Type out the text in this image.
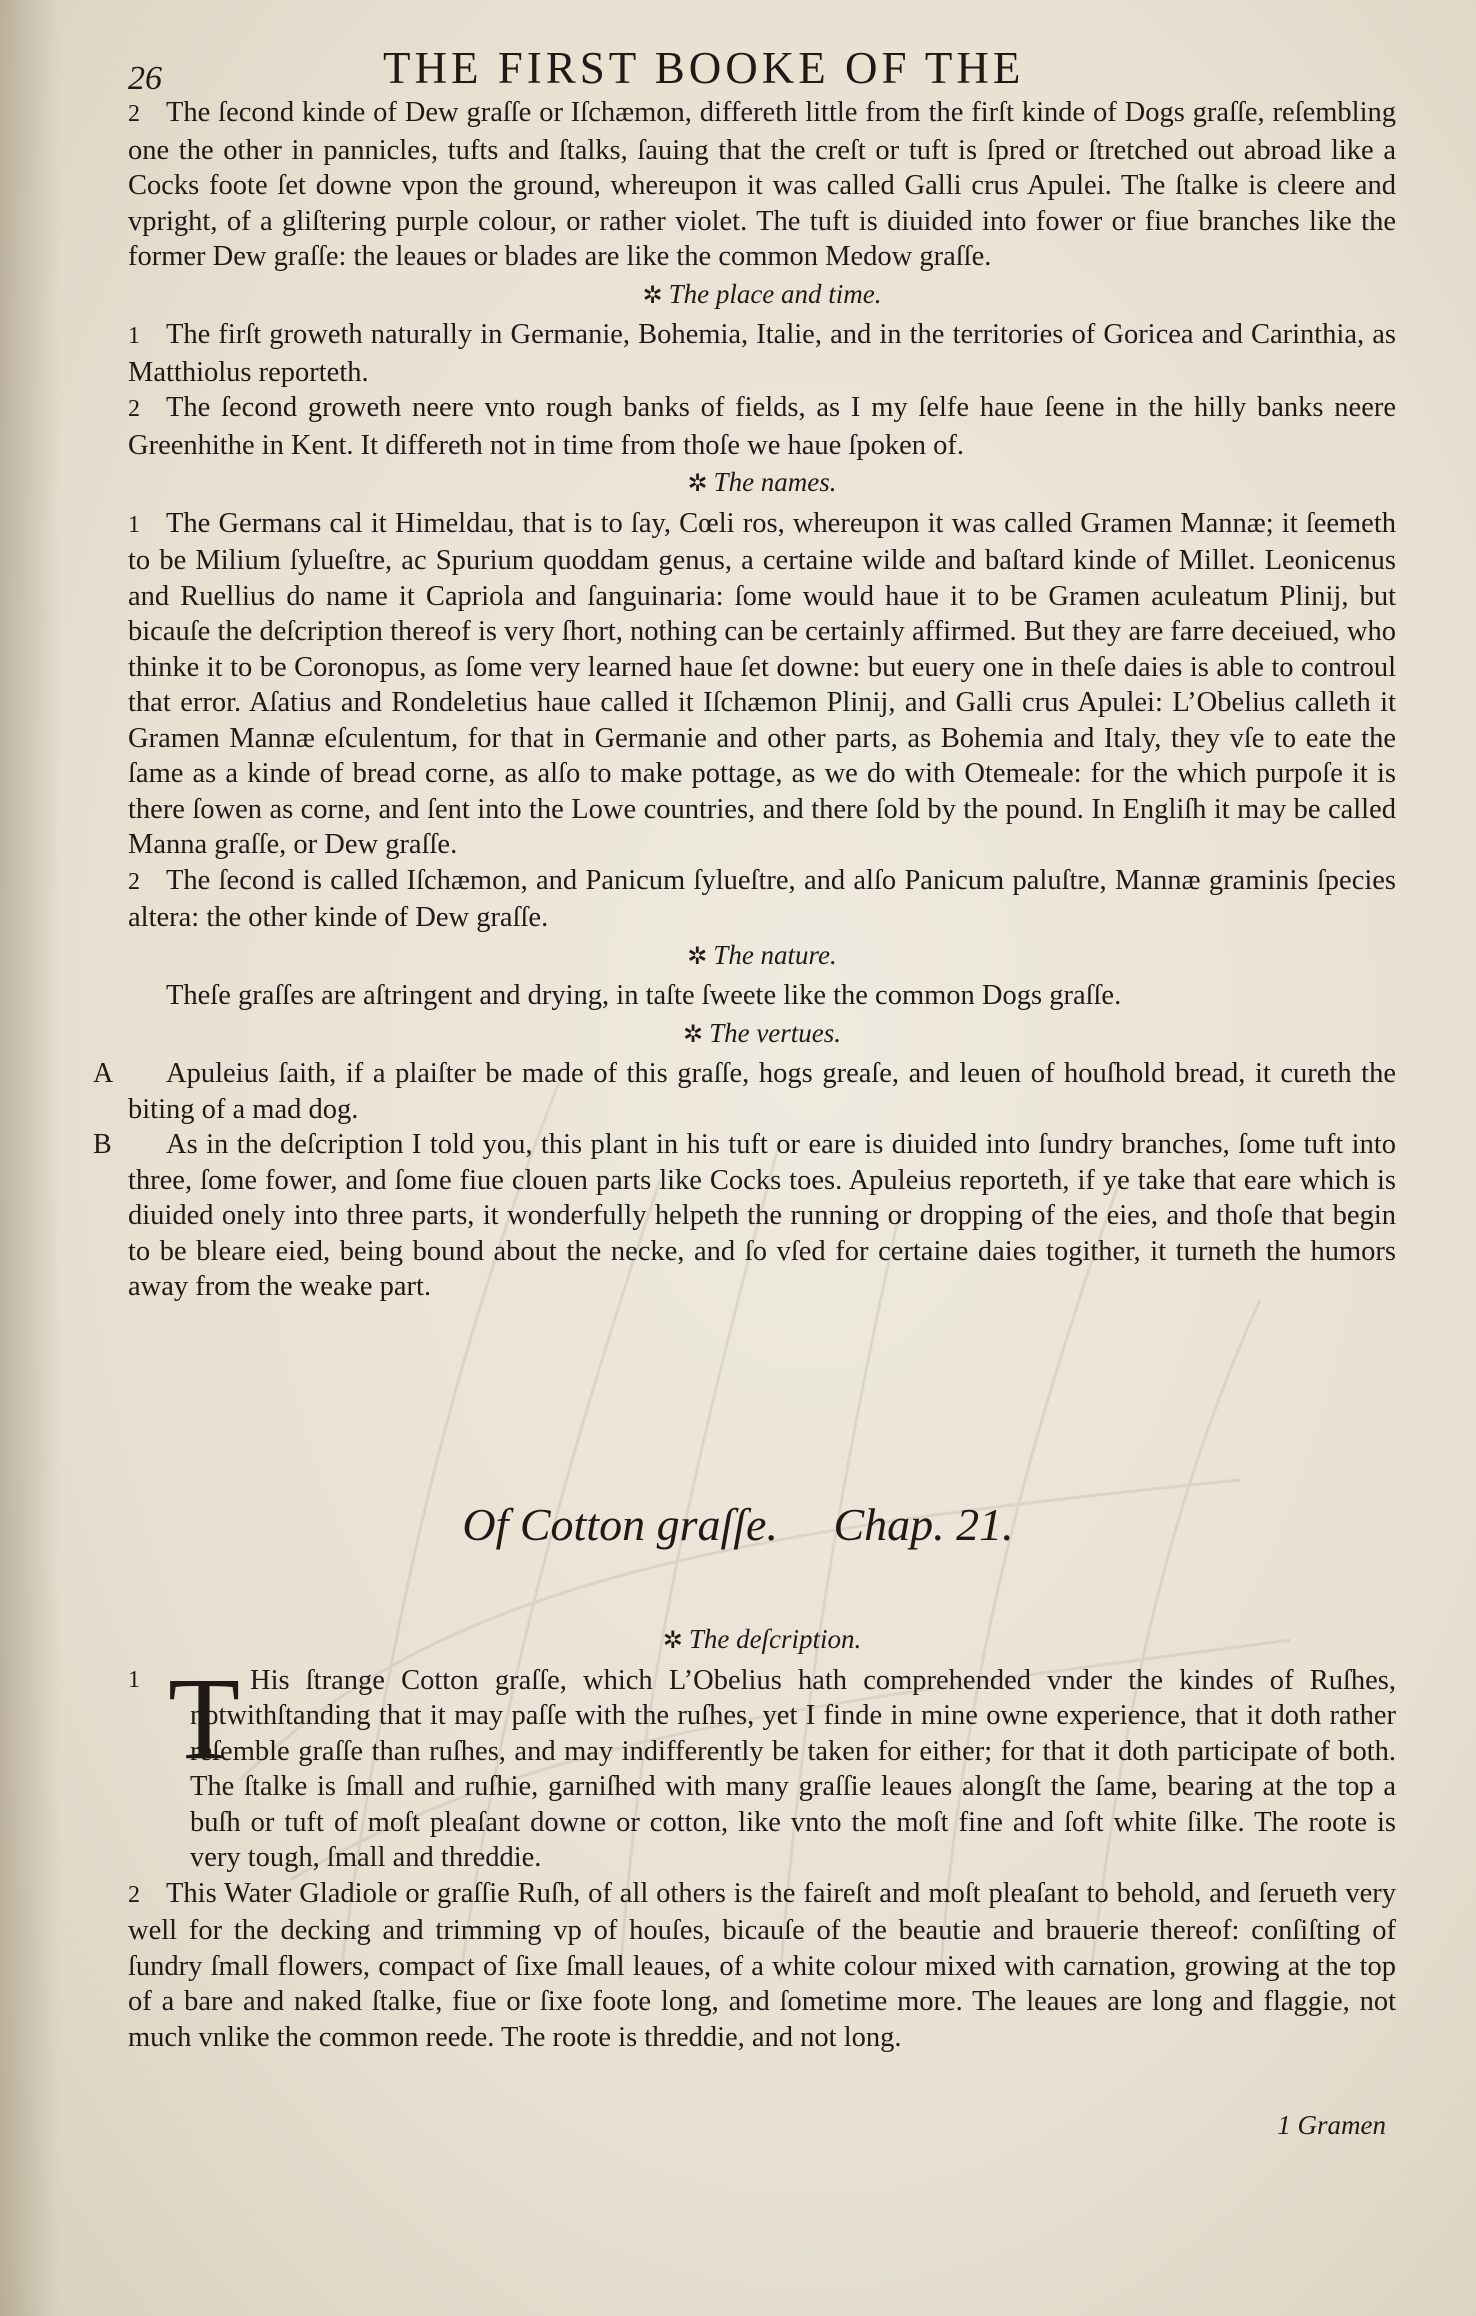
26	THE FIRST BOOKE OF THE

2 The ſecond kinde of Dew graſſe or Iſchæmon, differeth little from the firſt kinde of Dogs graſſe, reſembling one the other in pannicles, tufts and ſtalks, ſauing that the creſt or tuft is ſpred or ſtretched out abroad like a Cocks foote ſet downe vpon the ground, whereupon it was called Galli crus Apulei. The ſtalke is cleere and vpright, of a gliſtering purple colour, or rather violet. The tuft is diuided into fower or fiue branches like the former Dew graſſe: the leaues or blades are like the common Medow graſſe.

✲ The place and time.

1 The firſt groweth naturally in Germanie, Bohemia, Italie, and in the territories of Goricea and Carinthia, as Matthiolus reporteth.

2 The ſecond groweth neere vnto rough banks of fields, as I my ſelfe haue ſeene in the hilly banks neere Greenhithe in Kent. It differeth not in time from thoſe we haue ſpoken of.

✲ The names.

1 The Germans cal it Himeldau, that is to ſay, Cœli ros, whereupon it was called Gramen Mannæ; it ſeemeth to be Milium ſylueſtre, ac Spurium quoddam genus, a certaine wilde and baſtard kinde of Millet. Leonicenus and Ruellius do name it Capriola and ſanguinaria: ſome would haue it to be Gramen aculeatum Plinij, but bicauſe the deſcription thereof is very ſhort, nothing can be certainly affirmed. But they are farre deceiued, who thinke it to be Coronopus, as ſome very learned haue ſet downe: but euery one in theſe daies is able to controul that error. Aſatius and Rondeletius haue called it Iſchæmon Plinij, and Galli crus Apulei: L’Obelius calleth it Gramen Mannæ eſculentum, for that in Germanie and other parts, as Bohemia and Italy, they vſe to eate the ſame as a kinde of bread corne, as alſo to make pottage, as we do with Otemeale: for the which purpoſe it is there ſowen as corne, and ſent into the Lowe countries, and there ſold by the pound. In Engliſh it may be called Manna graſſe, or Dew graſſe.

2 The ſecond is called Iſchæmon, and Panicum ſylueſtre, and alſo Panicum paluſtre, Mannæ graminis ſpecies altera: the other kinde of Dew graſſe.

✲ The nature.

Theſe graſſes are aſtringent and drying, in taſte ſweete like the common Dogs graſſe.

✲ The vertues.
A	Apuleius ſaith, if a plaiſter be made of this graſſe, hogs greaſe, and leuen of houſhold bread, it cureth the biting of a mad dog.

B	As in the deſcription I told you, this plant in his tuft or eare is diuided into ſundry branches, ſome tuft into three, ſome fower, and ſome fiue clouen parts like Cocks toes. Apuleius reporteth, if ye take that eare which is diuided onely into three parts, it wonderfully helpeth the running or dropping of the eies, and thoſe that begin to be bleare eied, being bound about the necke, and ſo vſed for certaine daies togither, it turneth the humors away from the weake part.

Of Cotton graſſe. Chap. 21.
✲ The deſcription.
1 T His ſtrange Cotton graſſe, which L’Obelius hath comprehended vnder the kindes of Ruſhes, notwithſtanding that it may paſſe with the ruſhes, yet I finde in mine owne experience, that it doth rather reſemble graſſe than ruſhes, and may indifferently be taken for either; for that it doth participate of both. The ſtalke is ſmall and ruſhie, garniſhed with many graſſie leaues alongſt the ſame, bearing at the top a buſh or tuft of moſt pleaſant downe or cotton, like vnto the moſt fine and ſoft white ſilke. The roote is very tough, ſmall and threddie.

2 This Water Gladiole or graſſie Ruſh, of all others is the faireſt and moſt pleaſant to behold, and ſerueth very well for the decking and trimming vp of houſes, bicauſe of the beautie and brauerie thereof: conſiſting of ſundry ſmall flowers, compact of ſixe ſmall leaues, of a white colour mixed with carnation, growing at the top of a bare and naked ſtalke, fiue or ſixe foote long, and ſometime more. The leaues are long and flaggie, not much vnlike the common reede. The roote is threddie, and not long.

1 Gramen
